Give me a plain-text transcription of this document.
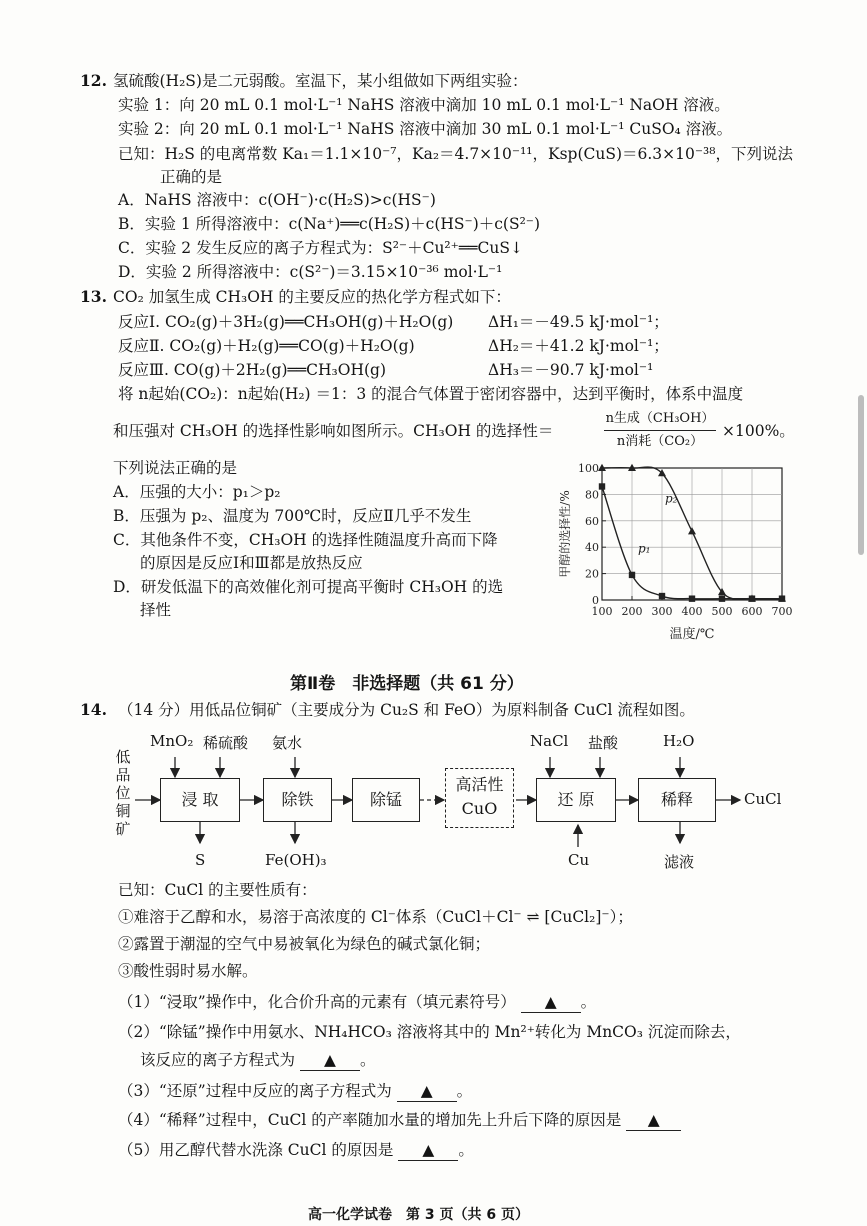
12. 氢硫酸(H₂S)是二元弱酸。室温下，某小组做如下两组实验：
实验 1：向 20 mL 0.1 mol·L⁻¹ NaHS 溶液中滴加 10 mL 0.1 mol·L⁻¹ NaOH 溶液。
实验 2：向 20 mL 0.1 mol·L⁻¹ NaHS 溶液中滴加 30 mL 0.1 mol·L⁻¹ CuSO₄ 溶液。
已知：H₂S 的电离常数 Ka₁＝1.1×10⁻⁷，Ka₂＝4.7×10⁻¹¹，Ksp(CuS)＝6.3×10⁻³⁸，下列说法
正确的是
A．NaHS 溶液中：c(OH⁻)·c(H₂S)>c(HS⁻)
B．实验 1 所得溶液中：c(Na⁺)══c(H₂S)＋c(HS⁻)＋c(S²⁻)
C．实验 2 发生反应的离子方程式为：S²⁻＋Cu²⁺══CuS↓
D．实验 2 所得溶液中：c(S²⁻)＝3.15×10⁻³⁶ mol·L⁻¹
13. CO₂ 加氢生成 CH₃OH 的主要反应的热化学方程式如下：
反应Ⅰ. CO₂(g)＋3H₂(g)══CH₃OH(g)＋H₂O(g) ΔH₁＝－49.5 kJ·mol⁻¹；
反应Ⅱ. CO₂(g)＋H₂(g)══CO(g)＋H₂O(g)	ΔH₂＝＋41.2 kJ·mol⁻¹；
反应Ⅲ. CO(g)＋2H₂(g)══CH₃OH(g)	ΔH₃＝－90.7 kJ·mol⁻¹
将 n起始(CO₂)：n起始(H₂) ＝1：3 的混合气体置于密闭容器中，达到平衡时，体系中温度
和压强对 CH₃OH 的选择性影响如图所示。CH₃OH 的选择性＝
n生成（CH₃OH）
n消耗（CO₂）
×100%。
下列说法正确的是
A．压强的大小：p₁＞p₂
B．压强为 p₂、温度为 700℃时，反应Ⅱ几乎不发生
C．其他条件不变，CH₃OH 的选择性随温度升高而下降
的原因是反应Ⅰ和Ⅲ都是放热反应
D．研发低温下的高效催化剂可提高平衡时 CH₃OH 的选
择性
0
20
40
60
80
100
100 200 300 400 500 600 700
p₁
p₂
温度/℃
甲醇的选择性/%
第Ⅱ卷　非选择题（共 61 分）
14. （14 分）用低品位铜矿（主要成分为 Cu₂S 和 FeO）为原料制备 CuCl 流程如图。
低品位铜矿
浸 取	除铁	除锰
高活性 CuO	还 原	稀释	CuCl
MnO₂ 稀硫酸 氨水	NaCl 盐酸	H₂O
Cu
S	Fe(OH)₃	滤液
已知：CuCl 的主要性质有：
①难溶于乙醇和水，易溶于高浓度的 Cl⁻体系（CuCl＋Cl⁻ ⇌ [CuCl₂]⁻）；
②露置于潮湿的空气中易被氧化为绿色的碱式氯化铜；
③酸性弱时易水解。
（1）“浸取”操作中，化合价升高的元素有（填元素符号） ▲ 。
（2）“除锰”操作中用氨水、NH₄HCO₃ 溶液将其中的 Mn²⁺转化为 MnCO₃ 沉淀而除去，
该反应的离子方程式为 ▲ 。
（3）“还原”过程中反应的离子方程式为 ▲ 。
（4）“稀释”过程中，CuCl 的产率随加水量的增加先上升后下降的原因是 ▲
（5）用乙醇代替水洗涤 CuCl 的原因是 ▲ 。
高一化学试卷　第 3 页（共 6 页）
